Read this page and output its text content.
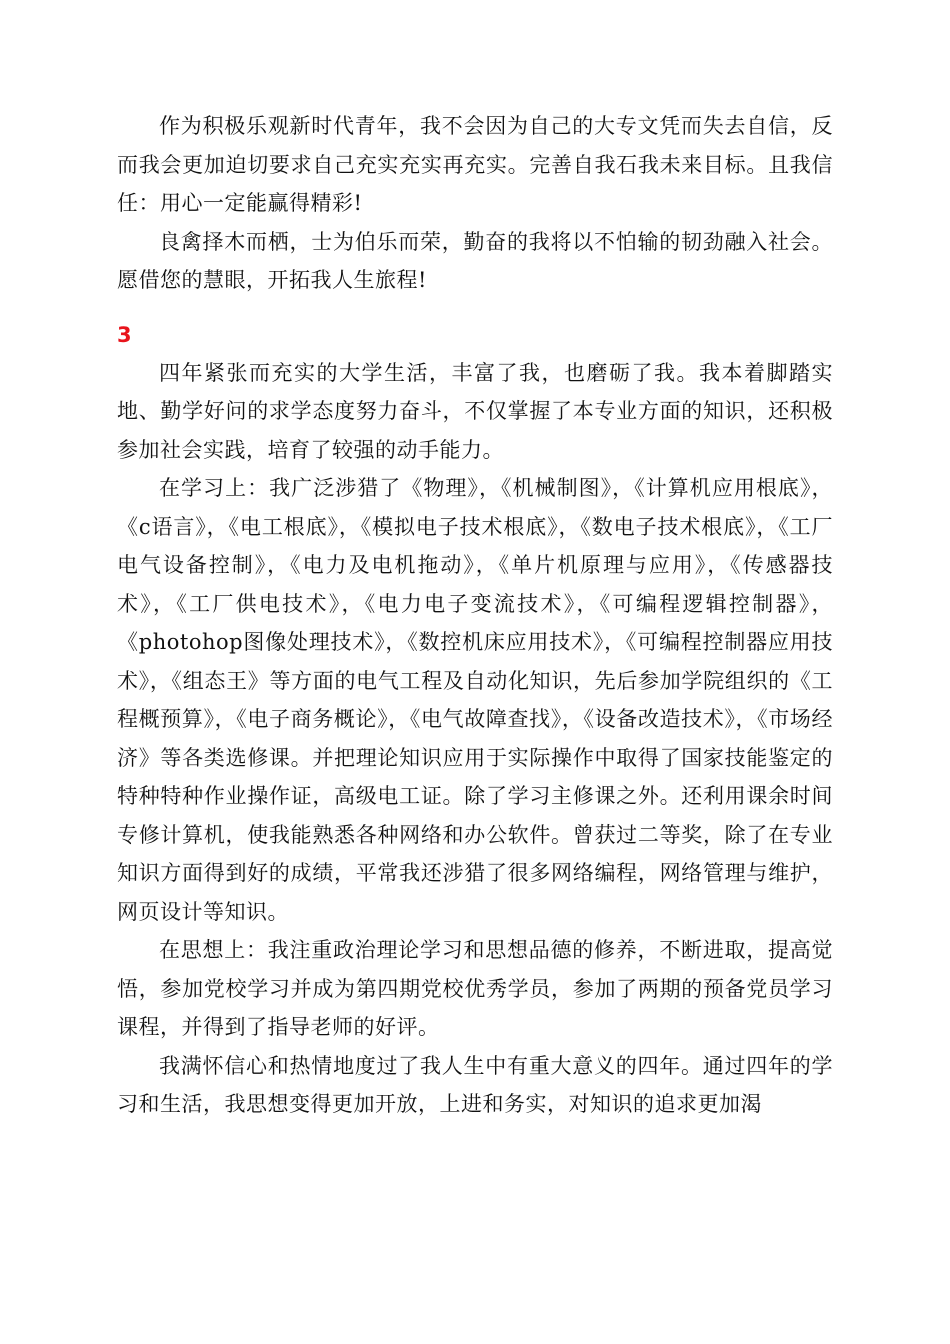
作为积极乐观新时代青年，我不会因为自己的大专文凭而失去自信，反而我会更加迫切要求自己充实充实再充实。完善自我石我未来目标。且我信任：用心一定能赢得精彩!

良禽择木而栖，士为伯乐而荣，勤奋的我将以不怕输的韧劲融入社会。愿借您的慧眼，开拓我人生旅程!

3

四年紧张而充实的大学生活，丰富了我，也磨砺了我。我本着脚踏实地、勤学好问的求学态度努力奋斗，不仅掌握了本专业方面的知识，还积极参加社会实践，培育了较强的动手能力。

在学习上：我广泛涉猎了《物理》，《机械制图》，《计算机应用根底》，《c语言》，《电工根底》，《模拟电子技术根底》，《数电子技术根底》，《工厂电气设备控制》，《电力及电机拖动》，《单片机原理与应用》，《传感器技术》，《工厂供电技术》，《电力电子变流技术》，《可编程逻辑控制器》，《photohop图像处理技术》，《数控机床应用技术》，《可编程控制器应用技术》，《组态王》等方面的电气工程及自动化知识，先后参加学院组织的《工程概预算》，《电子商务概论》，《电气故障查找》，《设备改造技术》，《市场经济》等各类选修课。并把理论知识应用于实际操作中取得了国家技能鉴定的特种特种作业操作证，高级电工证。除了学习主修课之外。还利用课余时间专修计算机，使我能熟悉各种网络和办公软件。曾获过二等奖，除了在专业知识方面得到好的成绩，平常我还涉猎了很多网络编程，网络管理与维护，网页设计等知识。

在思想上：我注重政治理论学习和思想品德的修养，不断进取，提高觉悟，参加党校学习并成为第四期党校优秀学员，参加了两期的预备党员学习课程，并得到了指导老师的好评。

我满怀信心和热情地度过了我人生中有重大意义的四年。通过四年的学习和生活，我思想变得更加开放，上进和务实，对知识的追求更加渴
